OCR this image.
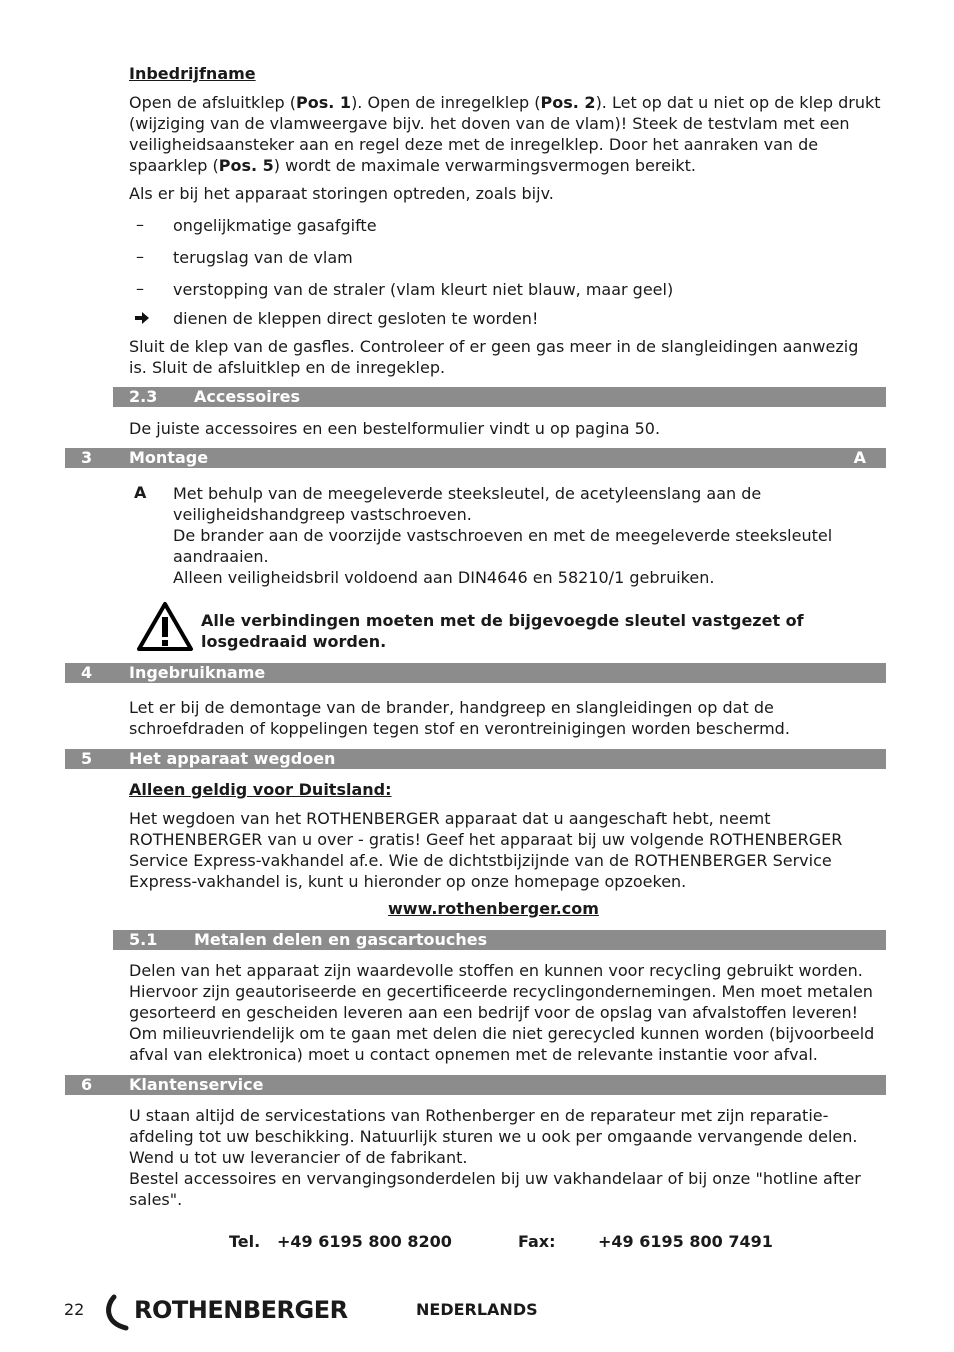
Inbedrijfname

Open de afsluitklep (Pos. 1). Open de inregelklep (Pos. 2). Let op dat u niet op de klep drukt (wijziging van de vlamweergave bijv. het doven van de vlam)! Steek de testvlam met een veiligheidsaansteker aan en regel deze met de inregelklep. Door het aanraken van de spaarklep (Pos. 5) wordt de maximale verwarmingsvermogen bereikt.

Als er bij het apparaat storingen optreden, zoals bijv.

– ongelijkmatige gasafgifte
– terugslag van de vlam
– verstopping van de straler (vlam kleurt niet blauw, maar geel)
dienen de kleppen direct gesloten te worden!

Sluit de klep van de gasfles. Controleer of er geen gas meer in de slangleidingen aanwezig is. Sluit de afsluitklep en de inregeklep.

2.3 Accessoires

De juiste accessoires en een bestelformulier vindt u op pagina 50.

3 Montage	A
A Met behulp van de meegeleverde steeksleutel, de acetyleenslang aan de
veiligheidshandgreep vastschroeven.
De brander aan de voorzijde vastschroeven en met de meegeleverde steeksleutel
aandraaien.
Alleen veiligheidsbril voldoend aan DIN4646 en 58210/1 gebruiken.

Alle verbindingen moeten met de bijgevoegde sleutel vastgezet of losgedraaid worden.

4 Ingebruikname

Let er bij de demontage van de brander, handgreep en slangleidingen op dat de schroefdraden of koppelingen tegen stof en verontreinigingen worden beschermd.

5 Het apparaat wegdoen
Alleen geldig voor Duitsland:

Het wegdoen van het ROTHENBERGER apparaat dat u aangeschaft hebt, neemt ROTHENBERGER van u over - gratis! Geef het apparaat bij uw volgende ROTHENBERGER Service Express-vakhandel af.e. Wie de dichtstbijzijnde van de ROTHENBERGER Service Express-vakhandel is, kunt u hieronder op onze homepage opzoeken.

www.rothenberger.com
5.1 Metalen delen en gascartouches

Delen van het apparaat zijn waardevolle stoffen en kunnen voor recycling gebruikt worden. Hiervoor zijn geautoriseerde en gecertificeerde recyclingondernemingen. Men moet metalen gesorteerd en gescheiden leveren aan een bedrijf voor de opslag van afvalstoffen leveren!

Om milieuvriendelijk om te gaan met delen die niet gerecycled kunnen worden (bijvoorbeeld afval van elektronica) moet u contact opnemen met de relevante instantie voor afval.

6 Klantenservice

U staan altijd de servicestations van Rothenberger en de reparateur met zijn reparatie-afdeling tot uw beschikking. Natuurlijk sturen we u ook per omgaande vervangende delen. Wend u tot uw leverancier of de fabrikant.

Bestel accessoires en vervangingsonderdelen bij uw vakhandelaar of bij onze "hotline after sales".

Tel. +49 6195 800 8200	Fax:	+49 6195 800 7491
22 ROTHENBERGER	NEDERLANDS
